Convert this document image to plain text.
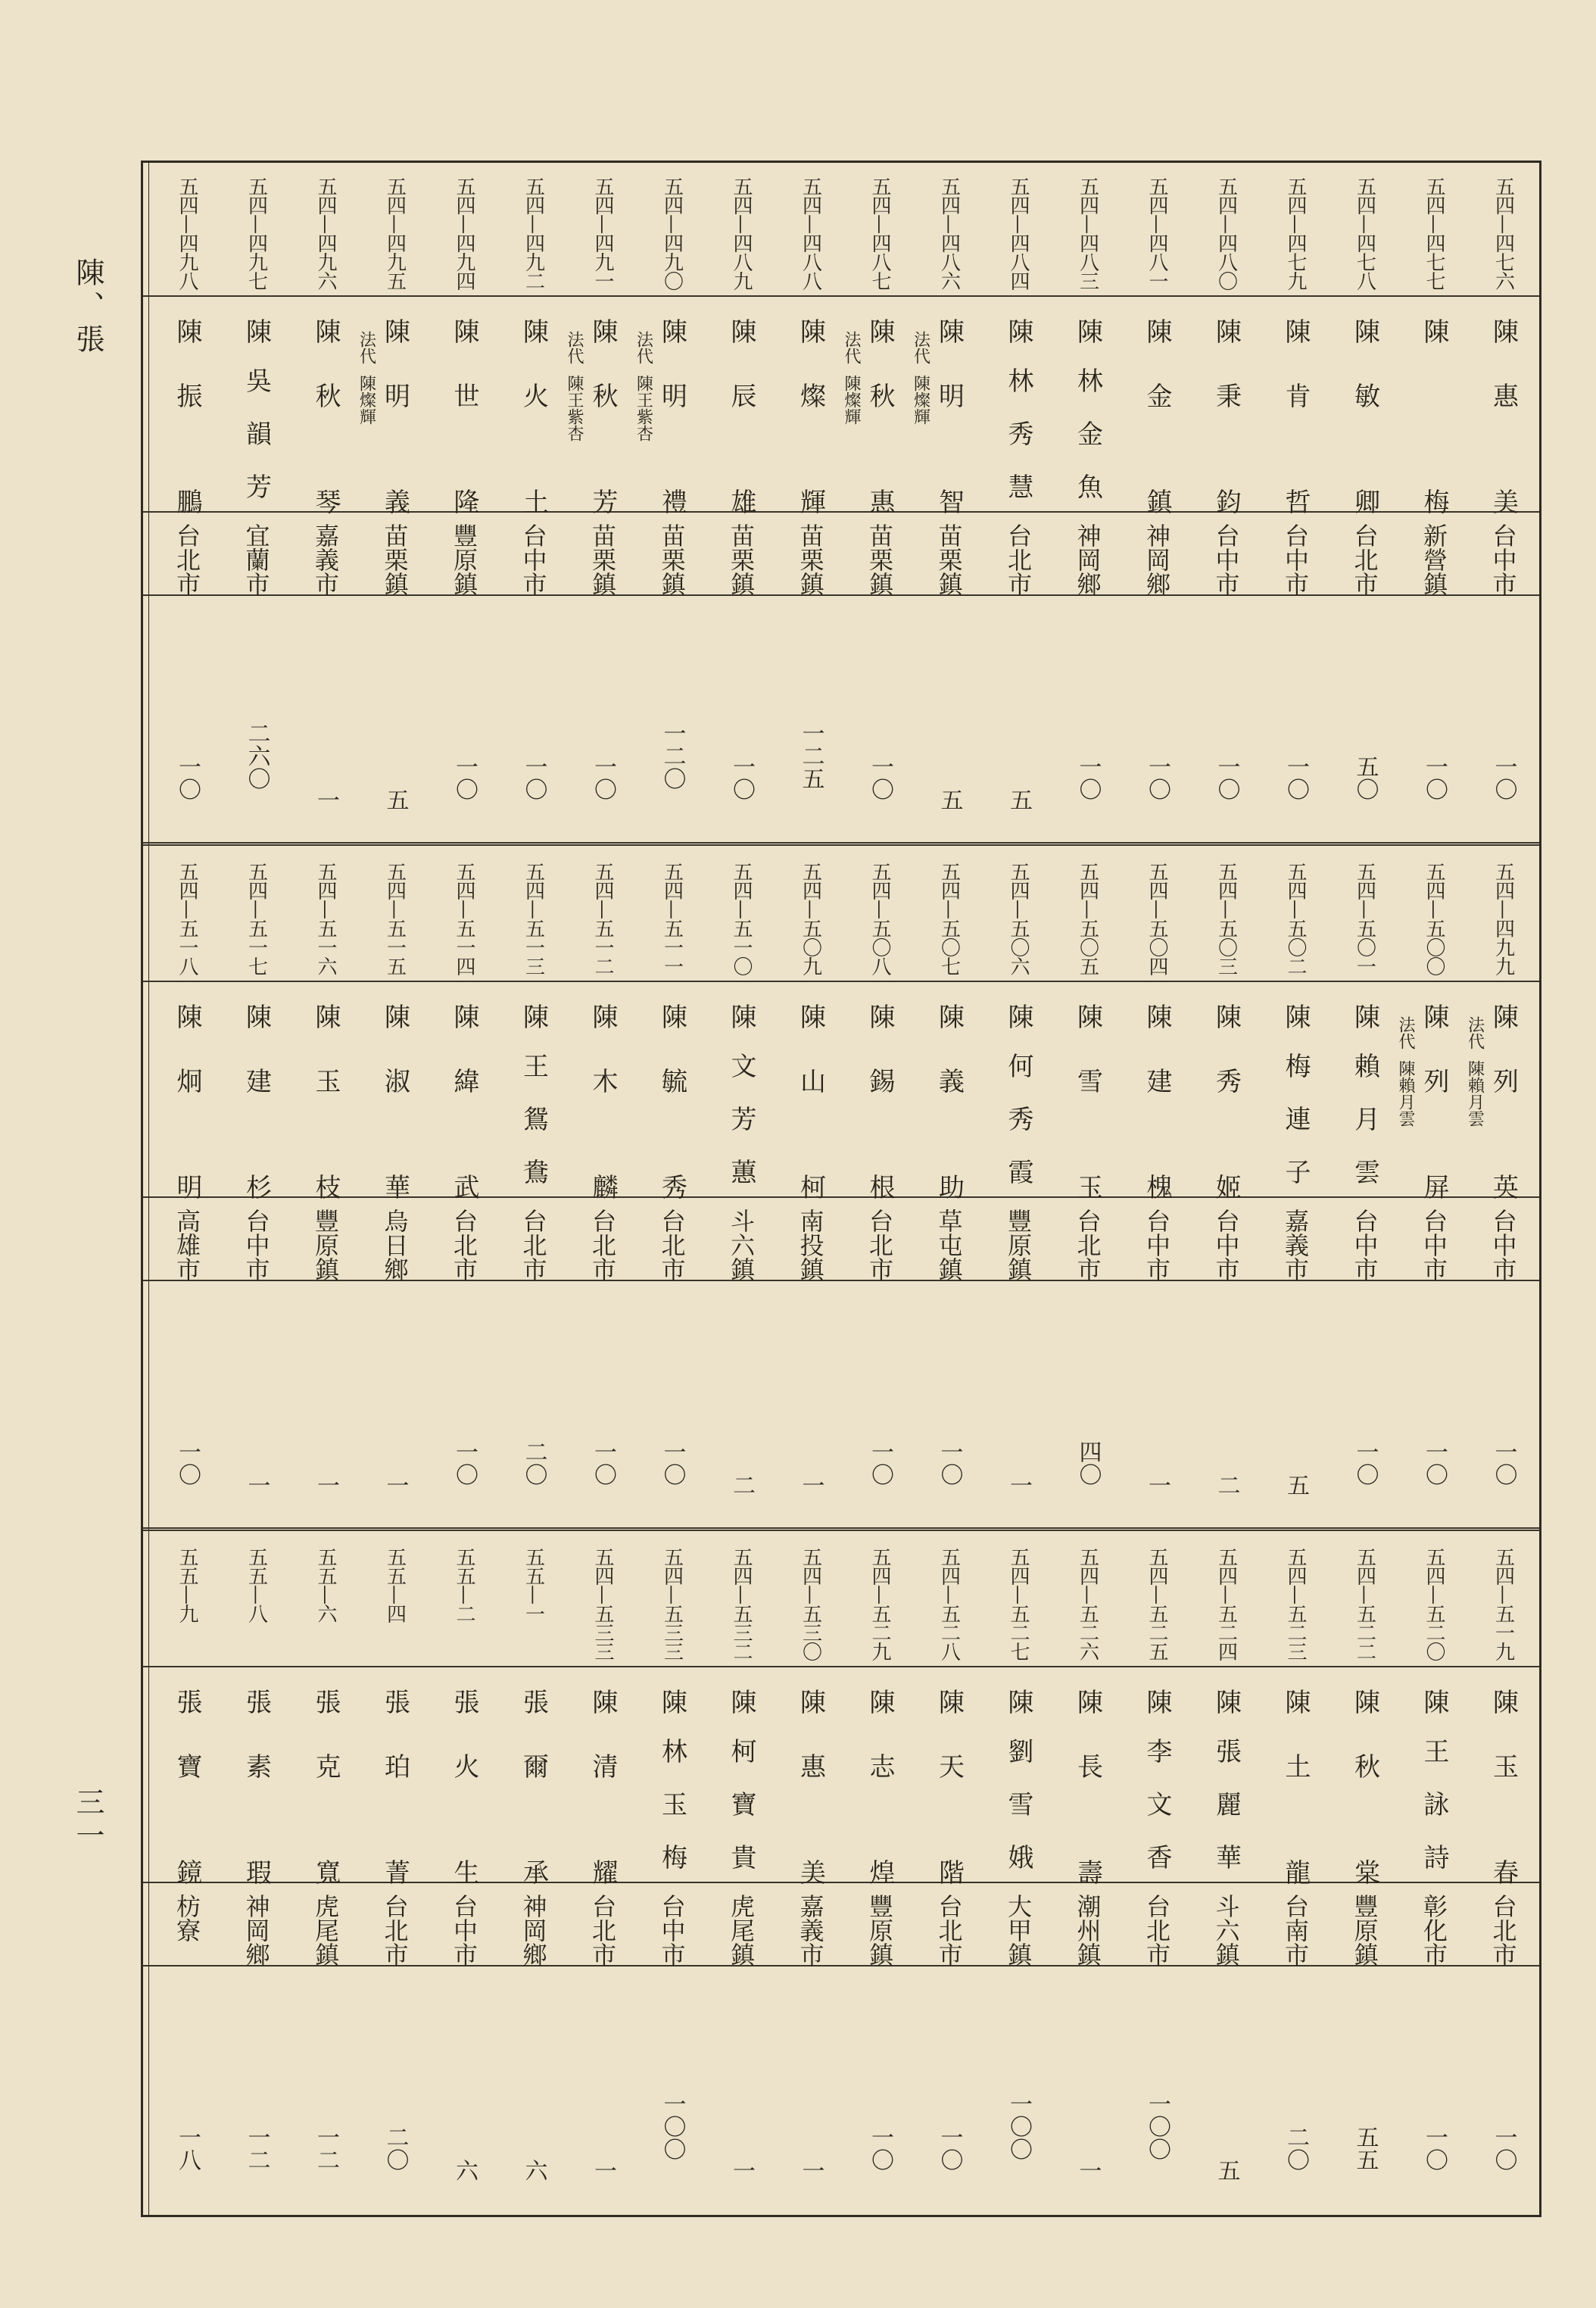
陳、張
三一
五四—四七六
陳
惠
美
台中市
一〇
五四—四七七
陳
梅
新營鎮
一〇
五四—四七八
陳
敏
卿
台北市
五〇
五四—四七九
陳
肯
哲
台中市
一〇
五四—四八〇
陳
秉
鈞
台中市
一〇
五四—四八一
陳
金
鎮
神岡鄉
一〇
五四—四八三
陳
林
金
魚
神岡鄉
一〇
五四—四八四
陳
林
秀
慧
台北市
五
五四—四八六
陳
明
智
法代
陳燦輝
苗栗鎮
五
五四—四八七
陳
秋
惠
法代
陳燦輝
苗栗鎮
一〇
五四—四八八
陳
燦
輝
苗栗鎮
一二五
五四—四八九
陳
辰
雄
苗栗鎮
一〇
五四—四九〇
陳
明
禮
法代
陳王紫杏
苗栗鎮
一二〇
五四—四九一
陳
秋
芳
法代
陳王紫杏
苗栗鎮
一〇
五四—四九二
陳
火
土
台中市
一〇
五四—四九四
陳
世
隆
豐原鎮
一〇
五四—四九五
陳
明
義
法代
陳燦輝
苗栗鎮
五
五四—四九六
陳
秋
琴
嘉義市
一
五四—四九七
陳
吳
韻
芳
宜蘭市
二六〇
五四—四九八
陳
振
鵬
台北市
一〇
五四—四九九
陳
列
英
法代
陳賴月雲
台中市
一〇
五四—五〇〇
陳
列
屏
法代
陳賴月雲
台中市
一〇
五四—五〇一
陳
賴
月
雲
台中市
一〇
五四—五〇二
陳
梅
連
子
嘉義市
五
五四—五〇三
陳
秀
姬
台中市
二
五四—五〇四
陳
建
槐
台中市
一
五四—五〇五
陳
雪
玉
台北市
四〇
五四—五〇六
陳
何
秀
霞
豐原鎮
一
五四—五〇七
陳
義
助
草屯鎮
一〇
五四—五〇八
陳
錫
根
台北市
一〇
五四—五〇九
陳
山
柯
南投鎮
一
五四—五一〇
陳
文
芳
蕙
斗六鎮
二
五四—五一一
陳
毓
秀
台北市
一〇
五四—五一二
陳
木
麟
台北市
一〇
五四—五一三
陳
王
鴛
鴦
台北市
二〇
五四—五一四
陳
緯
武
台北市
一〇
五四—五一五
陳
淑
華
烏日鄉
一
五四—五一六
陳
玉
枝
豐原鎮
一
五四—五一七
陳
建
杉
台中市
一
五四—五一八
陳
炯
明
高雄市
一〇
五四—五一九
陳
玉
春
台北市
一〇
五四—五二〇
陳
王
詠
詩
彰化市
一〇
五四—五二二
陳
秋
棠
豐原鎮
五五
五四—五二三
陳
土
龍
台南市
二〇
五四—五二四
陳
張
麗
華
斗六鎮
五
五四—五二五
陳
李
文
香
台北市
一〇〇
五四—五二六
陳
長
壽
潮州鎮
一
五四—五二七
陳
劉
雪
娥
大甲鎮
一〇〇
五四—五二八
陳
天
階
台北市
一〇
五四—五二九
陳
志
煌
豐原鎮
一〇
五四—五三〇
陳
惠
美
嘉義市
一
五四—五三二
陳
柯
寶
貴
虎尾鎮
一
五四—五三三
陳
林
玉
梅
台中市
一〇〇
五四—五三三
陳
清
耀
台北市
一
五五—一
張
爾
承
神岡鄉
六
五五—二
張
火
生
台中市
六
五五—四
張
珀
菁
台北市
二〇
五五—六
張
克
寬
虎尾鎮
一二
五五—八
張
素
瑕
神岡鄉
一二
五五—九
張
寶
鏡
枋寮
一八
